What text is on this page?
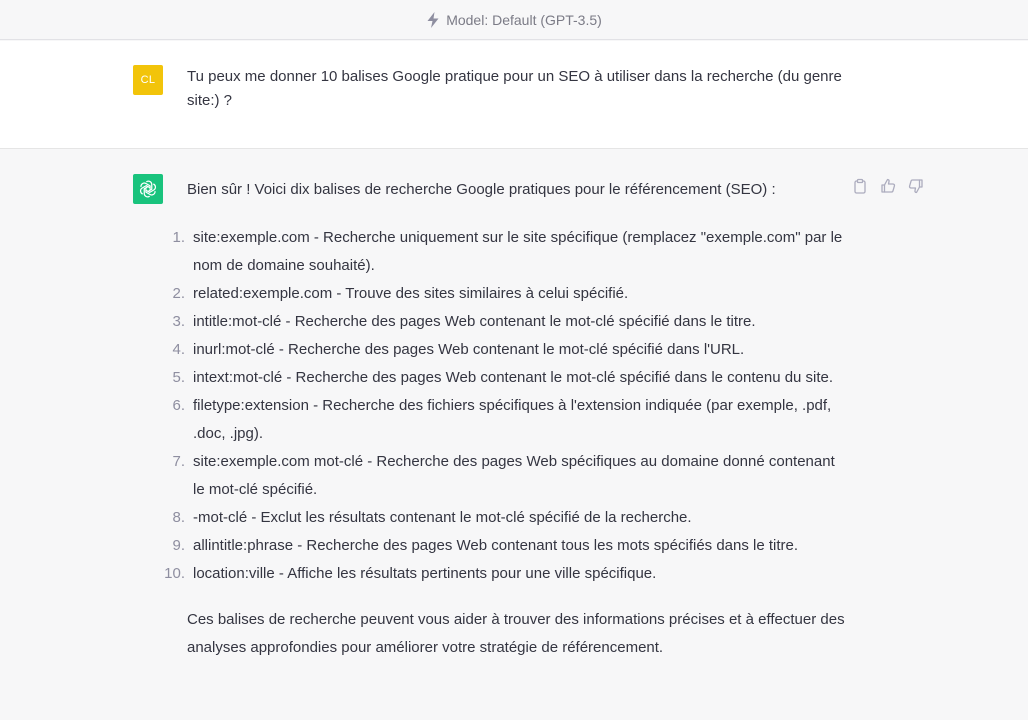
Model: Default (GPT-3.5)
CL Tu peux me donner 10 balises Google pratique pour un SEO à utiliser dans la recherche (du genre site:) ?

Bien sûr ! Voici dix balises de recherche Google pratiques pour le référencement (SEO) :

1. site:exemple.com - Recherche uniquement sur le site spécifique (remplacez "exemple.com" par le nom de domaine souhaité).
2. related:exemple.com - Trouve des sites similaires à celui spécifié.
3. intitle:mot-clé - Recherche des pages Web contenant le mot-clé spécifié dans le titre.
4. inurl:mot-clé - Recherche des pages Web contenant le mot-clé spécifié dans l'URL.
5. intext:mot-clé - Recherche des pages Web contenant le mot-clé spécifié dans le contenu du site.
6. filetype:extension - Recherche des fichiers spécifiques à l'extension indiquée (par exemple, .pdf, .doc, .jpg).
7. site:exemple.com mot-clé - Recherche des pages Web spécifiques au domaine donné contenant le mot-clé spécifié.
8. -mot-clé - Exclut les résultats contenant le mot-clé spécifié de la recherche.
9. allintitle:phrase - Recherche des pages Web contenant tous les mots spécifiés dans le titre.
10. location:ville - Affiche les résultats pertinents pour une ville spécifique.

Ces balises de recherche peuvent vous aider à trouver des informations précises et à effectuer des analyses approfondies pour améliorer votre stratégie de référencement.
